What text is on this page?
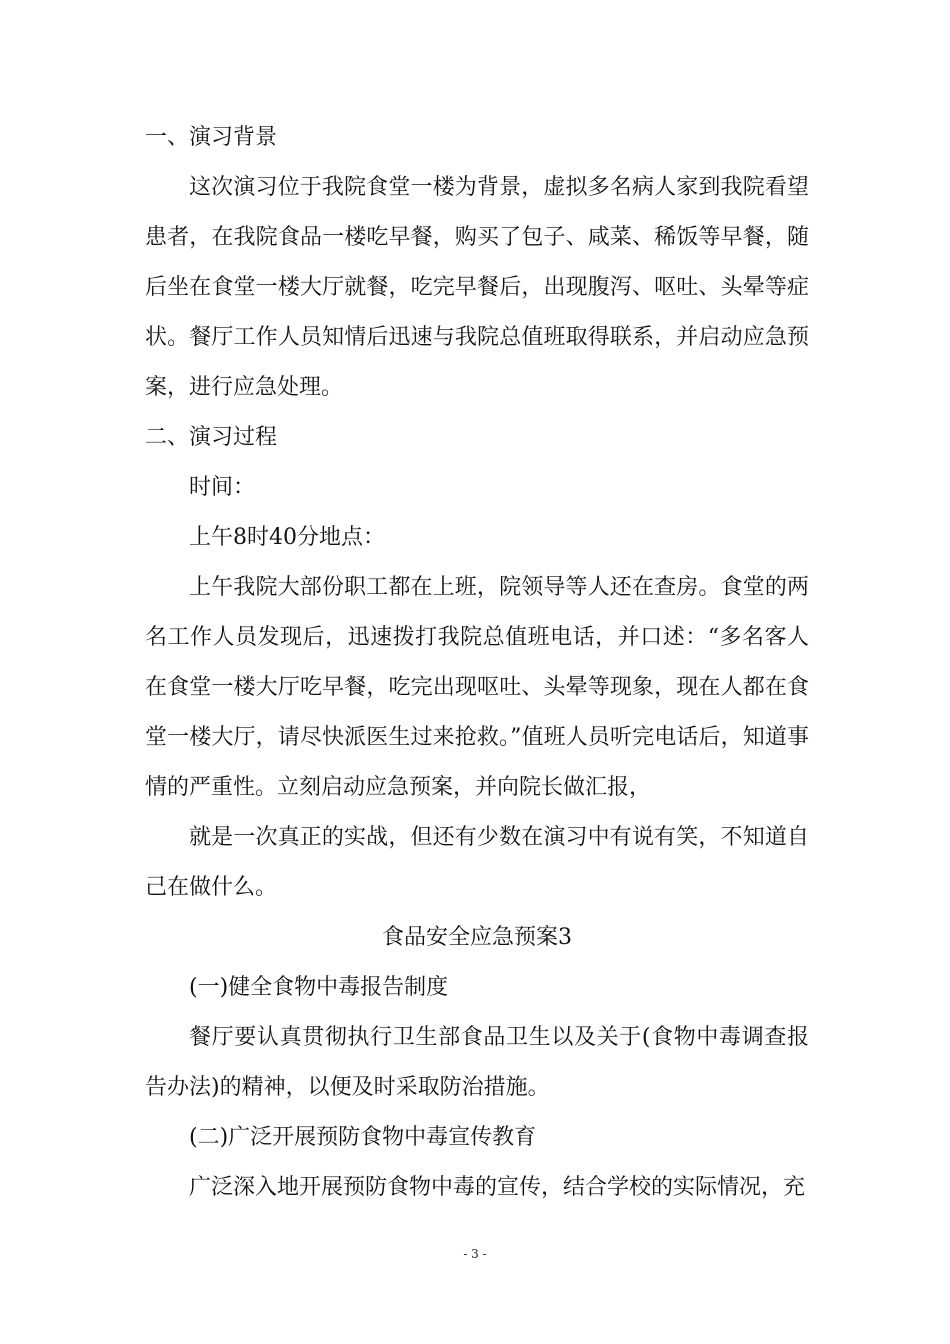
一、演习背景

这次演习位于我院食堂一楼为背景，虚拟多名病人家到我院看望患者，在我院食品一楼吃早餐，购买了包子、咸菜、稀饭等早餐，随后坐在食堂一楼大厅就餐，吃完早餐后，出现腹泻、呕吐、头晕等症状。餐厅工作人员知情后迅速与我院总值班取得联系，并启动应急预案，进行应急处理。

二、演习过程

时间：

上午8时40分地点：

上午我院大部份职工都在上班，院领导等人还在查房。食堂的两名工作人员发现后，迅速拨打我院总值班电话，并口述：“多名客人在食堂一楼大厅吃早餐，吃完出现呕吐、头晕等现象，现在人都在食堂一楼大厅，请尽快派医生过来抢救。”值班人员听完电话后，知道事情的严重性。立刻启动应急预案，并向院长做汇报，

就是一次真正的实战，但还有少数在演习中有说有笑，不知道自己在做什么。

食品安全应急预案3

(一)健全食物中毒报告制度

餐厅要认真贯彻执行卫生部食品卫生以及关于(食物中毒调查报告办法)的精神，以便及时采取防治措施。

(二)广泛开展预防食物中毒宣传教育

广泛深入地开展预防食物中毒的宣传，结合学校的实际情况，充

- 3 -
